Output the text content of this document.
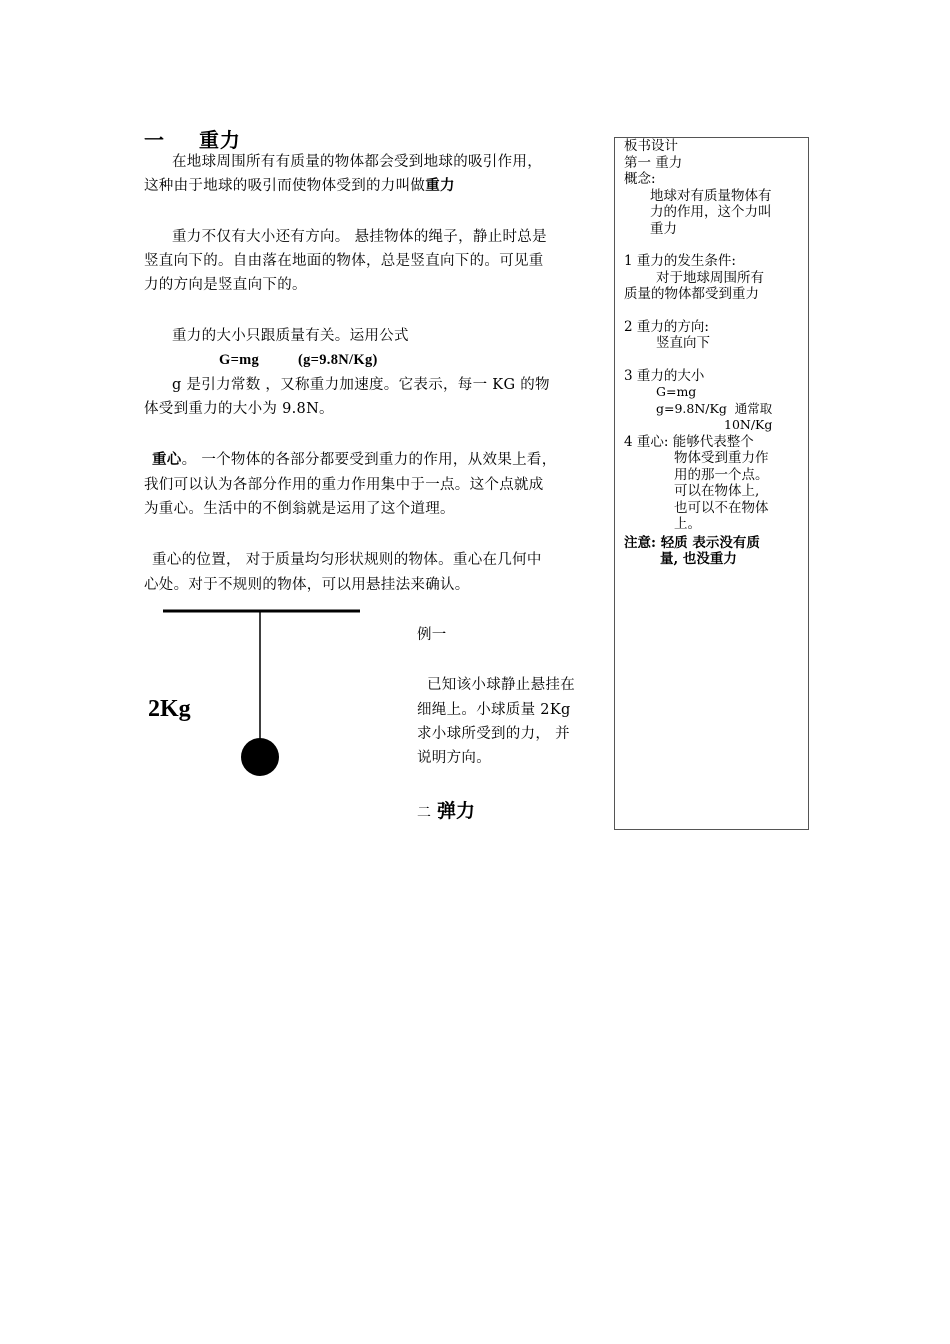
一 重力
在地球周围所有有质量的物体都会受到地球的吸引作用，
这种由于地球的吸引而使物体受到的力叫做重力
重力不仅有大小还有方向。 悬挂物体的绳子，静止时总是
竖直向下的。自由落在地面的物体，总是竖直向下的。可见重
力的方向是竖直向下的。
重力的大小只跟质量有关。运用公式
G=mg	(g=9.8N/Kg)
g 是引力常数 ，又称重力加速度。它表示，每一 KG 的物
体受到重力的大小为 9.8N。
重心。 一个物体的各部分都要受到重力的作用，从效果上看，
我们可以认为各部分作用的重力作用集中于一点。这个点就成
为重心。生活中的不倒翁就是运用了这个道理。
重心的位置， 对于质量均匀形状规则的物体。重心在几何中
心处。对于不规则的物体，可以用悬挂法来确认。
2Kg
例一
已知该小球静止悬挂在
细绳上。小球质量 2Kg
求小球所受到的力， 并
说明方向。
二 弹力
板书设计
第一 重力
概念:
地球对有质量物体有
力的作用，这个力叫
重力
1 重力的发生条件:
对于地球周围所有
质量的物体都受到重力
2 重力的方向:
竖直向下
3 重力的大小
G=mg
g=9.8N/Kg  通常取
10N/Kg
4 重心: 能够代表整个
物体受到重力作
用的那一个点。
可以在物体上,
也可以不在物体
上。
注意: 轻质 表示没有质
量, 也没重力
